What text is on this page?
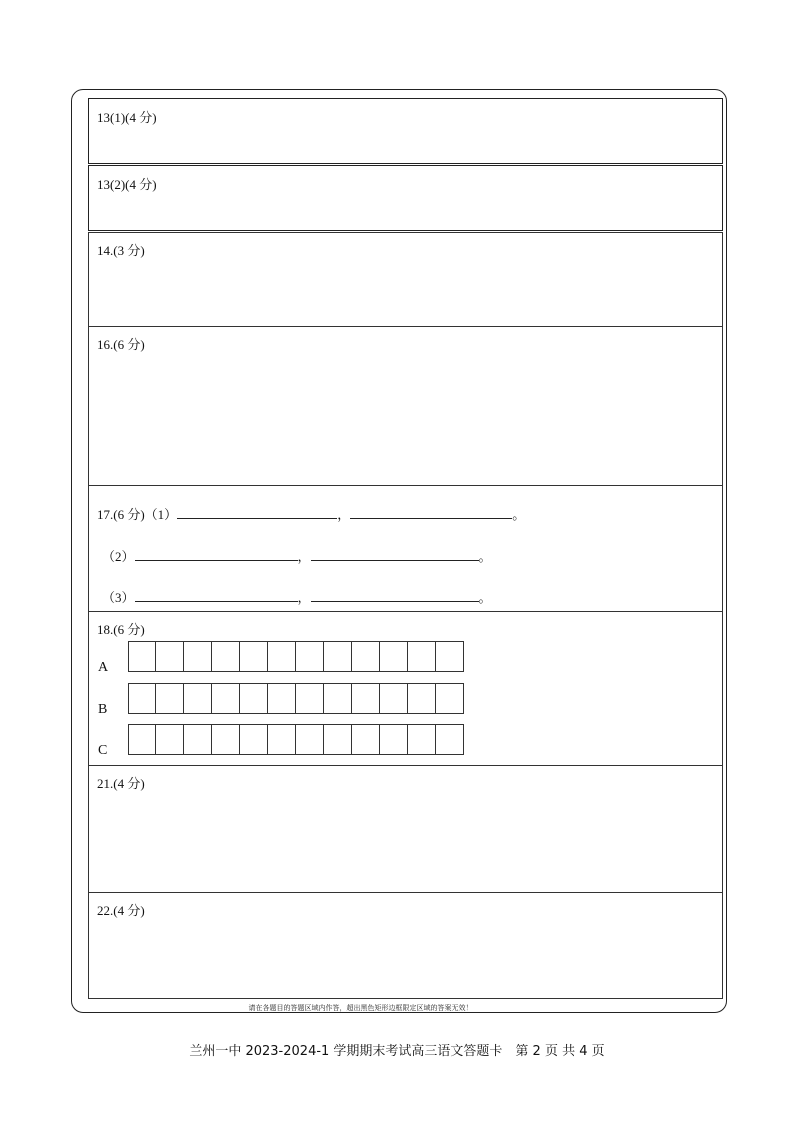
13(1)(4 分)
13(2)(4 分)
14.(3 分)
16.(6 分)
18.(6 分)
21.(4 分)
22.(4 分)
17.(6 分)（1）	，	。
（2）	，	。
（3）	，	。
A
B
C
请在各题目的答题区域内作答，超出黑色矩形边框限定区域的答案无效！
兰州一中 2023-2024-1 学期期末考试高三语文答题卡　第 2 页 共 4 页
